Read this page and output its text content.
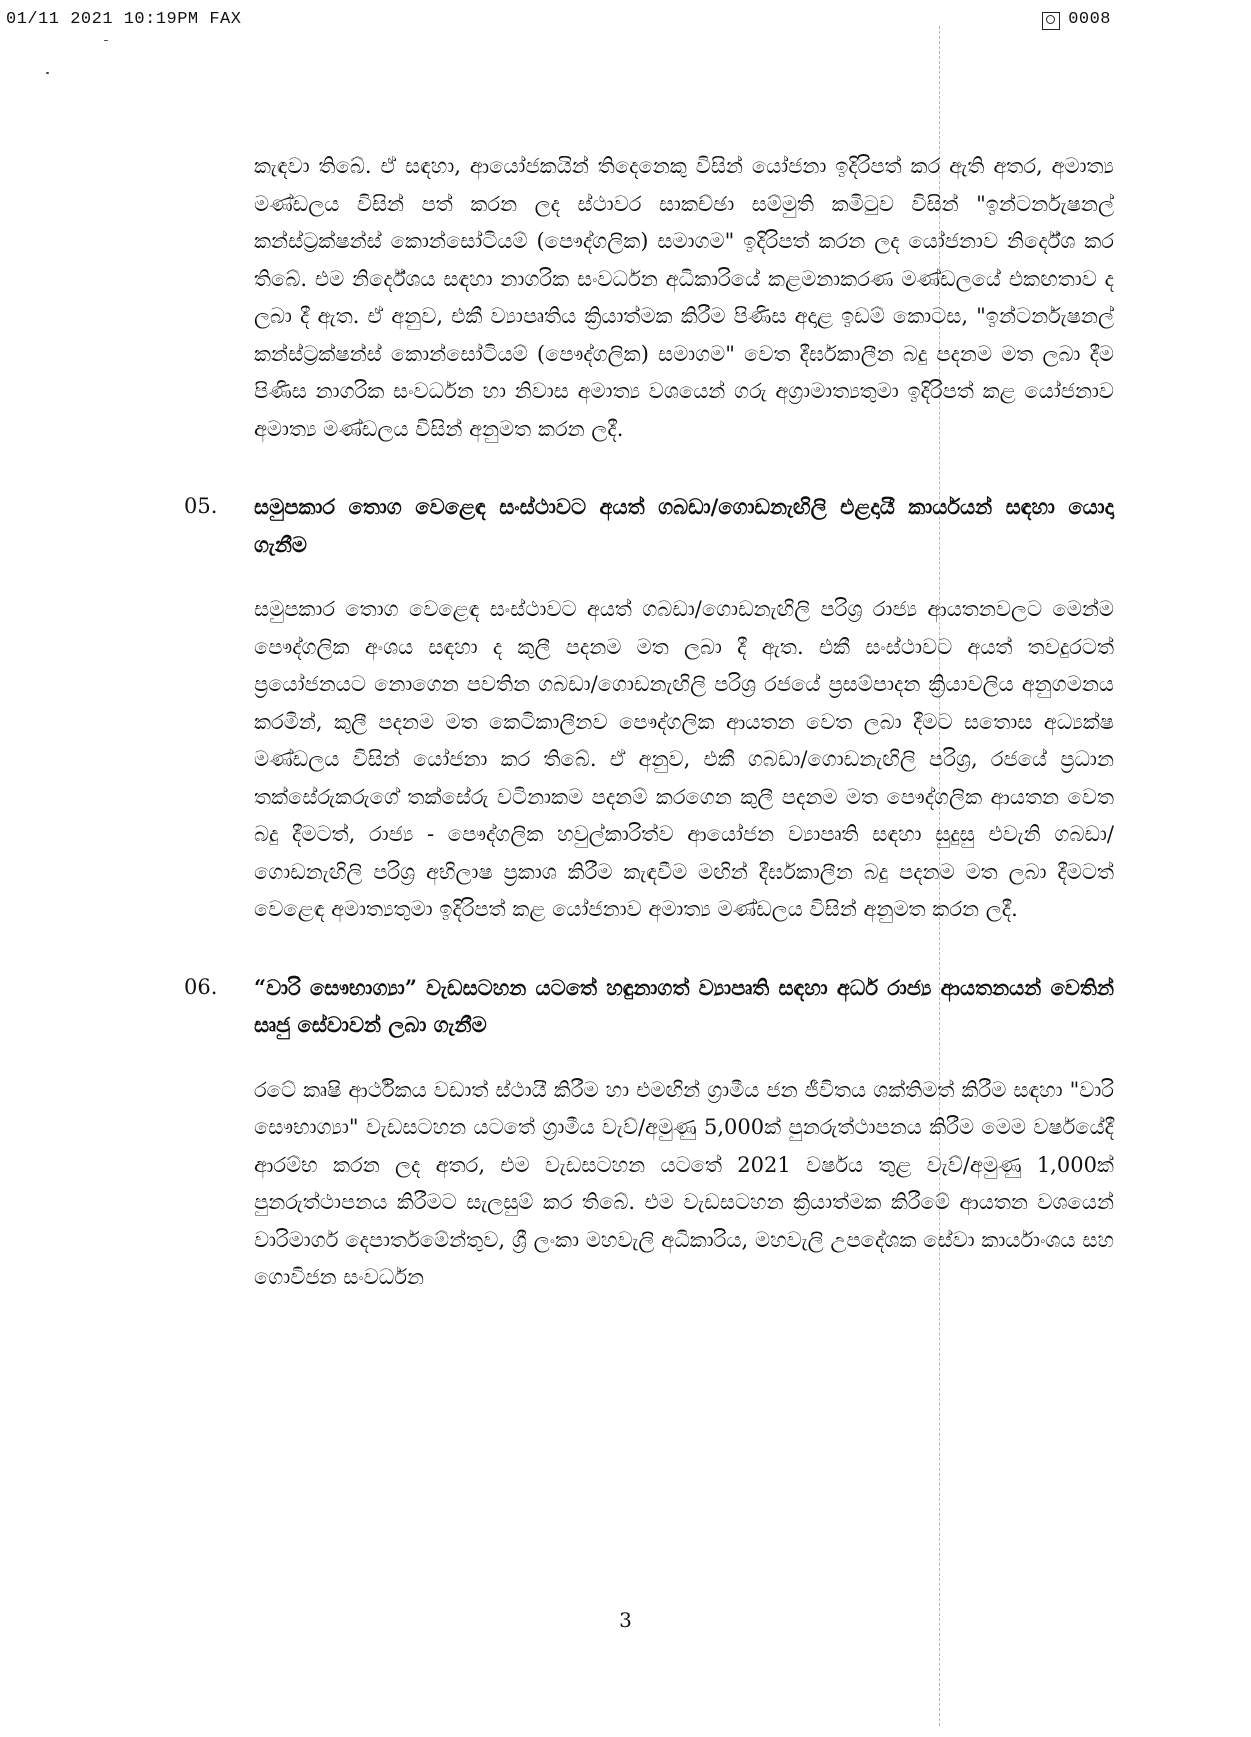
01/11 2021 10:19PM FAX	0008

කැඳවා තිබේ. ඒ සඳහා, ආයෝජකයින් තිදෙනෙකු විසින් යෝජනා ඉදිරිපත් කර ඇති අතර, අමාත්‍ය මණ්ඩලය විසින් පත් කරන ලද ස්ථාවර සාකච්ඡා සම්මුති කමිටුව විසින් "ඉන්ටර්නැෂනල් කන්ස්ට්‍රක්ෂන්ස් කොන්සෝටියම් (පෞද්ගලික) සමාගම" ඉදිරිපත් කරන ලද යෝජනාව නිර්දේශ කර තිබේ. එම නිර්දේශය සඳහා නාගරික සංවර්ධන අධිකාරියේ කළමනාකරණ මණ්ඩලයේ එකඟතාව ද ලබා දී ඇත. ඒ අනුව, එකී ව්‍යාපෘතිය ක්‍රියාත්මක කිරීම පිණිස අදාළ ඉඩම් කොටස, "ඉන්ටර්නැෂනල් කන්ස්ට්‍රක්ෂන්ස් කොන්සෝටියම් (පෞද්ගලික) සමාගම" වෙත දීර්ඝකාලීන බදු පදනම මත ලබා දීම පිණිස නාගරික සංවර්ධන හා නිවාස අමාත්‍ය වශයෙන් ගරු අග්‍රාමාත්‍යතුමා ඉදිරිපත් කළ යෝජනාව අමාත්‍ය මණ්ඩලය විසින් අනුමත කරන ලදී.

05. සමුපකාර තොග වෙළෙඳ සංස්ථාවට අයත් ගබඩා/ගොඩනැඟිලි එළදායී කාර්යයන් සඳහා යොදා ගැනීම

සමුපකාර තොග වෙළෙඳ සංස්ථාවට අයත් ගබඩා/ගොඩනැඟිලි පරිශ්‍ර රාජ්‍ය ආයතනවලට මෙන්ම පෞද්ගලික අංශය සඳහා ද කුලී පදනම මත ලබා දී ඇත. එකී සංස්ථාවට අයත් තවදුරටත් ප්‍රයෝජනයට නොගෙන පවතින ගබඩා/ගොඩනැඟිලි පරිශ්‍ර රජයේ ප්‍රසම්පාදන ක්‍රියාවලිය අනුගමනය කරමින්, කුලී පදනම මත කෙටිකාලීනව පෞද්ගලික ආයතන වෙත ලබා දීමට සතොස අධ්‍යක්ෂ මණ්ඩලය විසින් යෝජනා කර තිබේ. ඒ අනුව, එකී ගබඩා/ගොඩනැඟිලි පරිශ්‍ර, රජයේ ප්‍රධාන තක්සේරුකරුගේ තක්සේරු වටිනාකම පදනම් කරගෙන කුලී පදනම මත පෞද්ගලික ආයතන වෙත බදු දීමටත්, රාජ්‍ය - පෞද්ගලික හවුල්කාරිත්ව ආයෝජන ව්‍යාපෘති සඳහා සුදුසු එවැනි ගබඩා/ගොඩනැඟිලි පරිශ්‍ර අභිලාෂ ප්‍රකාශ කිරීම කැඳවීම මඟින් දීර්ඝකාලීන බදු පදනම මත ලබා දීමටත් වෙළෙඳ අමාත්‍යතුමා ඉදිරිපත් කළ යෝජනාව අමාත්‍ය මණ්ඩලය විසින් අනුමත කරන ලදී.

06. “වාරි සෞභාග්‍යා” වැඩසටහන යටතේ හඳුනාගත් ව්‍යාපෘති සඳහා අර්ධ රාජ්‍ය ආයතනයන් වෙතින් සෘජු සේවාවන් ලබා ගැනීම

රටේ කෘෂි ආර්ථිකය වඩාත් ස්ථායී කිරීම හා එමඟින් ග්‍රාමීය ජන ජීවිතය ශක්තිමත් කිරීම සඳහා "වාරි සෞභාග්‍යා" වැඩසටහන යටතේ ග්‍රාමීය වැව්/අමුණු 5,000ක් පුනරුත්ථාපනය කිරීම මෙම වර්ෂයේදී ආරම්භ කරන ලද අතර, එම වැඩසටහන යටතේ 2021 වර්ෂය තුළ වැව්/අමුණු 1,000ක් පුනරුත්ථාපනය කිරීමට සැලසුම් කර තිබේ. එම වැඩසටහන ක්‍රියාත්මක කිරීමේ ආයතන වශයෙන් වාරිමාර්ග දෙපාර්තමේන්තුව, ශ්‍රී ලංකා මහවැලි අධිකාරිය, මහවැලි උපදේශක සේවා කාර්යාංශය සහ ගොවිජන සංවර්ධන

3
